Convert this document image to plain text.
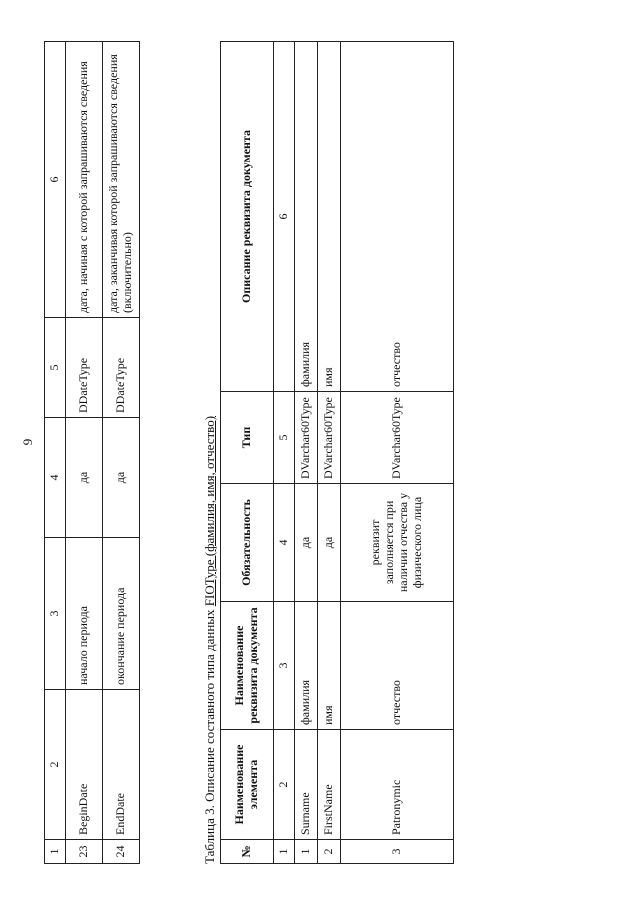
9
1	2	3	4	5	6
23	BeginDate	начало периода	да	DDateType	дата, начиная с которой запрашиваются сведения
24	EndDate	окончание периода	да	DDateType	дата, заканчивая которой запрашиваются сведения (включительно)
Таблица 3. Описание составного типа данных FIOType (фамилия, имя, отчество)
№	Наименование элемента	Наименование реквизита документа	Обязательность	Тип	Описание реквизита документа
1	2	3	4	5	6
1	Surname	фамилия	да	DVarchar60Type	фамилия
2	FirstName	имя	да	DVarchar60Type	имя
3	Patronymic	отчество	реквизит заполняется при наличии отчества у физического лица	DVarchar60Type	отчество
